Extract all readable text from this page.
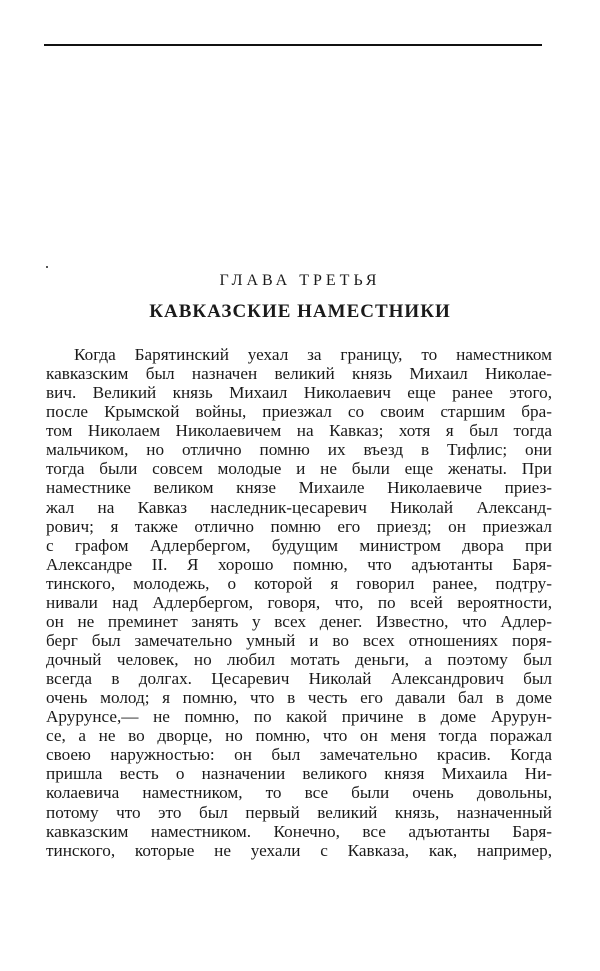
ГЛАВА ТРЕТЬЯ
КАВКАЗСКИЕ НАМЕСТНИКИ
Когда Барятинский уехал за границу, то наместником
кавказским был назначен великий князь Михаил Николае-
вич. Великий князь Михаил Николаевич еще ранее этого,
после Крымской войны, приезжал со своим старшим бра-
том Николаем Николаевичем на Кавказ; хотя я был тогда
мальчиком, но отлично помню их въезд в Тифлис; они
тогда были совсем молодые и не были еще женаты. При
наместнике великом князе Михаиле Николаевиче приез-
жал на Кавказ наследник-цесаревич Николай Александ-
рович; я также отлично помню его приезд; он приезжал
с графом Адлербергом, будущим министром двора при
Александре II. Я хорошо помню, что адъютанты Баря-
тинского, молодежь, о которой я говорил ранее, подтру-
нивали над Адлербергом, говоря, что, по всей вероятности,
он не преминет занять у всех денег. Известно, что Адлер-
берг был замечательно умный и во всех отношениях поря-
дочный человек, но любил мотать деньги, а поэтому был
всегда в долгах. Цесаревич Николай Александрович был
очень молод; я помню, что в честь его давали бал в доме
Арурунсе,— не помню, по какой причине в доме Арурун-
се, а не во дворце, но помню, что он меня тогда поражал
своею наружностью: он был замечательно красив. Когда
пришла весть о назначении великого князя Михаила Ни-
колаевича наместником, то все были очень довольны,
потому что это был первый великий князь, назначенный
кавказским наместником. Конечно, все адъютанты Баря-
тинского, которые не уехали с Кавказа, как, например,
